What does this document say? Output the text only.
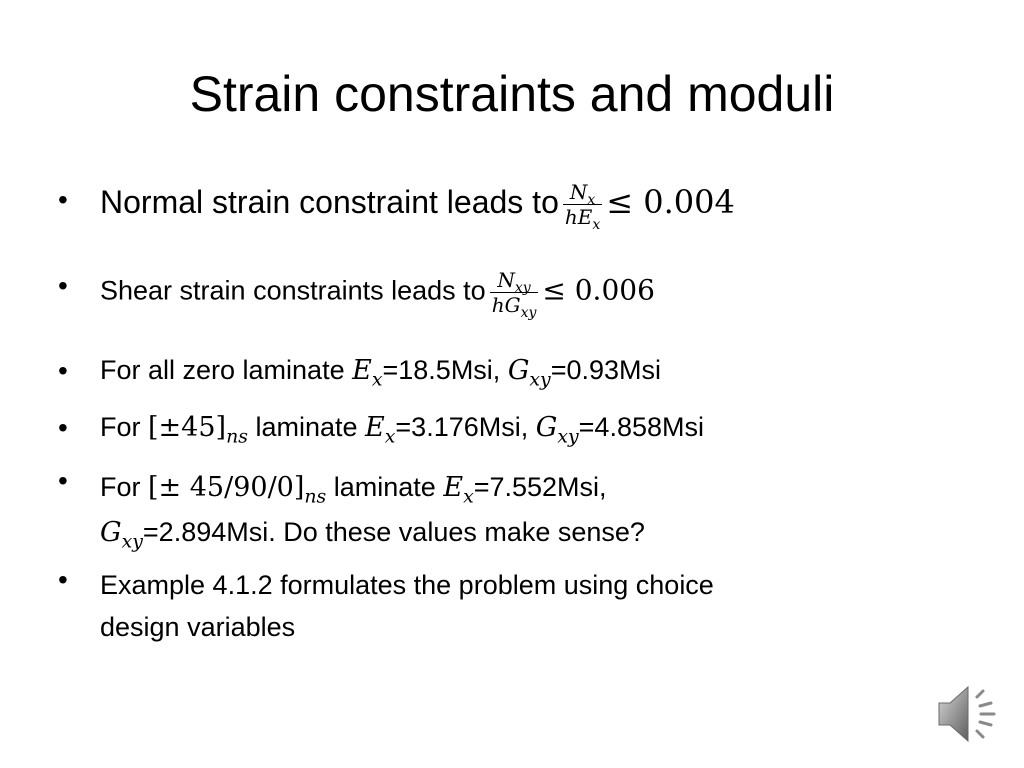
Strain constraints and moduli
• Normal strain constraint leads to $\frac{N_x}{hE_x} \le 0.004$
• Shear strain constraints leads to $\frac{N_{xy}}{hG_{xy}} \le 0.006$
• For all zero laminate $E_x=18.5Msi$, $G_{xy}=0.93Msi$
• For $[\pm 45]_{ns}$ laminate $E_x=3.176Msi$, $G_{xy}=4.858Msi$
• For [± $45/90/0]_{ns}$ laminate $E_x=7.552Msi$,
$G_{xy}=2.894Msi$. Do these values make sense?
• Example 4.1.2 formulates the problem using choice
design variables
